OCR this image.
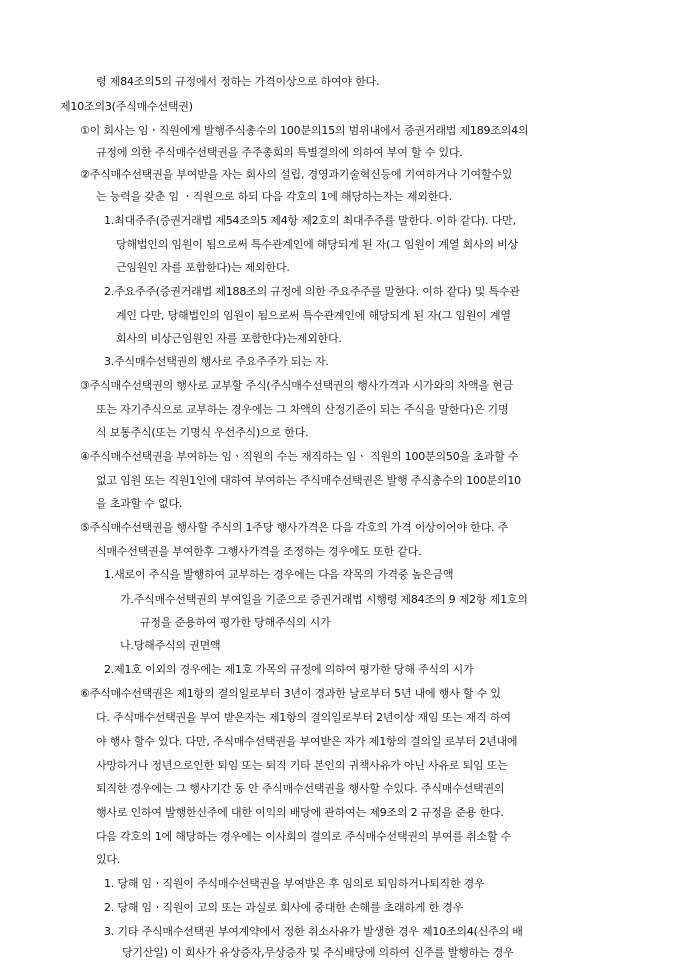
령 제84조의5의 규정에서 정하는 가격이상으로 하여야 한다.
제10조의3(주식매수선택권)
①이 회사는 임ㆍ직원에게 발행주식총수의 100분의15의 범위내에서 증권거래법 제189조의4의
규정에 의한 주식매수선택권을 주주총회의 특별결의에 의하여 부여 할 수 있다.
②주식매수선택권을 부여받을 자는 회사의 설립, 경영과기술혁신등에 기여하거나 기여할수있
는 능력을 갖춘 임 ㆍ직원으로 하되 다음 각호의 1에 해당하는자는 제외한다.
1.최대주주(증권거래법 제54조의5 제4항 제2호의 최대주주를 말한다. 이하 같다). 다만,
당해법인의 임원이 됨으로써 특수관계인에 해당되게 된 자(그 임원이 계열 회사의 비상
근임원인 자를 포함한다)는 제외한다.
2.주요주주(증권거래법 제188조의 규정에 의한 주요주주를 말한다. 이하 같다) 및 특수관
계인 다만, 당해법인의 임원이 됨으로써 특수관계인에 해당되게 된 자(그 임원이 계열
회사의 비상근임원인 자를 포함한다)는제외한다.
3.주식매수선택권의 행사로 주요주주가 되는 자.
③주식매수선택권의 행사로 교부할 주식(주식매수선택권의 행사가격과 시가와의 차액을 현금
또는 자기주식으로 교부하는 경우에는 그 차액의 산정기준이 되는 주식을 말한다)은 기명
식 보통주식(또는 기명식 우선주식)으로 한다.
④주식매수선택권을 부여하는 임ㆍ직원의 수는 재직하는 임ㆍ 직원의 100분의50을 초과할 수
없고 임원 또는 직원1인에 대하여 부여하는 주식매수선택권은 발행 주식총수의 100분의10
을 초과할 수 없다.
⑤주식매수선택권을 행사할 주식의 1주당 행사가격은 다음 각호의 가격 이상이어야 한다. 주
식매수선택권을 부여한후 그행사가격을 조정하는 경우에도 또한 같다.
1.새로이 주식을 발행하여 교부하는 경우에는 다음 각목의 가격중 높은금액
가.주식매수선택권의 부여일을 기준으로 증권거래법 시행령 제84조의 9 제2항 제1호의
규정을 준용하여 평가한 당해주식의 시가
나.당해주식의 권면액
2.제1호 이외의 경우에는 제1호 가목의 규정에 의하여 평가한 당해 주식의 시가
⑥주식매수선택권은 제1항의 결의일로부터 3년이 경과한 날로부터 5년 내에 행사 할 수 있
다. 주식매수선택권을 부여 받은자는 제1항의 결의일로부터 2년이상 재임 또는 재직 하여
야 행사 할수 있다. 다만, 주식매수선택권을 부여받은 자가 제1항의 결의일 로부터 2년내에
사망하거나 정년으로인한 퇴임 또는 퇴직 기타 본인의 귀책사유가 아닌 사유로 퇴임 또는
퇴직한 경우에는 그 행사기간 동 안 주식매수선택권을 행사할 수있다. 주식매수선택권의
행사로 인하여 발행한신주에 대한 이익의 배당에 관하여는 제9조의 2 규정을 준용 한다.
다음 각호의 1에 해당하는 경우에는 이사회의 결의로 주식매수선택권의 부여를 취소할 수
있다.
1. 당해 임ㆍ직원이 주식매수선택권을 부여받은 후 임의로 퇴임하거나퇴직한 경우
2. 당해 임ㆍ직원이 고의 또는 과실로 회사에 중대한 손해를 초래하게 한 경우
3. 기타 주식매수선택권 부여계약에서 정한 취소사유가 발생한 경우 제10조의4(신주의 배
당기산일) 이 회사가 유상증자,무상증자 및 주식배당에 의하여 신주를 발행하는 경우
